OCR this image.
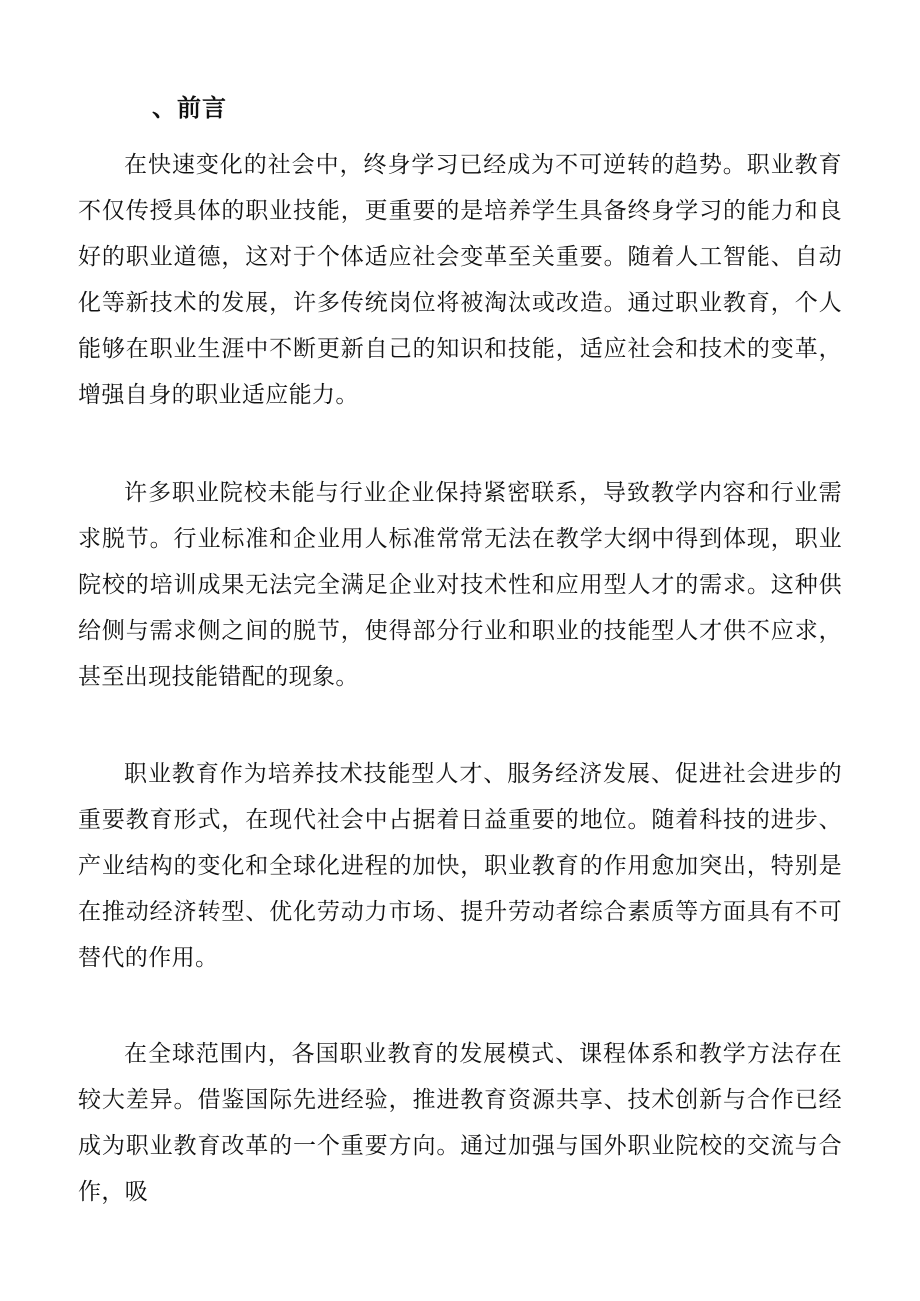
、前言

在快速变化的社会中，终身学习已经成为不可逆转的趋势。职业教育不仅传授具体的职业技能，更重要的是培养学生具备终身学习的能力和良好的职业道德，这对于个体适应社会变革至关重要。随着人工智能、自动化等新技术的发展，许多传统岗位将被淘汰或改造。通过职业教育，个人能够在职业生涯中不断更新自己的知识和技能，适应社会和技术的变革，增强自身的职业适应能力。

许多职业院校未能与行业企业保持紧密联系，导致教学内容和行业需求脱节。行业标准和企业用人标准常常无法在教学大纲中得到体现，职业院校的培训成果无法完全满足企业对技术性和应用型人才的需求。这种供给侧与需求侧之间的脱节，使得部分行业和职业的技能型人才供不应求，甚至出现技能错配的现象。

职业教育作为培养技术技能型人才、服务经济发展、促进社会进步的重要教育形式，在现代社会中占据着日益重要的地位。随着科技的进步、产业结构的变化和全球化进程的加快，职业教育的作用愈加突出，特别是在推动经济转型、优化劳动力市场、提升劳动者综合素质等方面具有不可替代的作用。

在全球范围内，各国职业教育的发展模式、课程体系和教学方法存在较大差异。借鉴国际先进经验，推进教育资源共享、技术创新与合作已经成为职业教育改革的一个重要方向。通过加强与国外职业院校的交流与合作，吸
